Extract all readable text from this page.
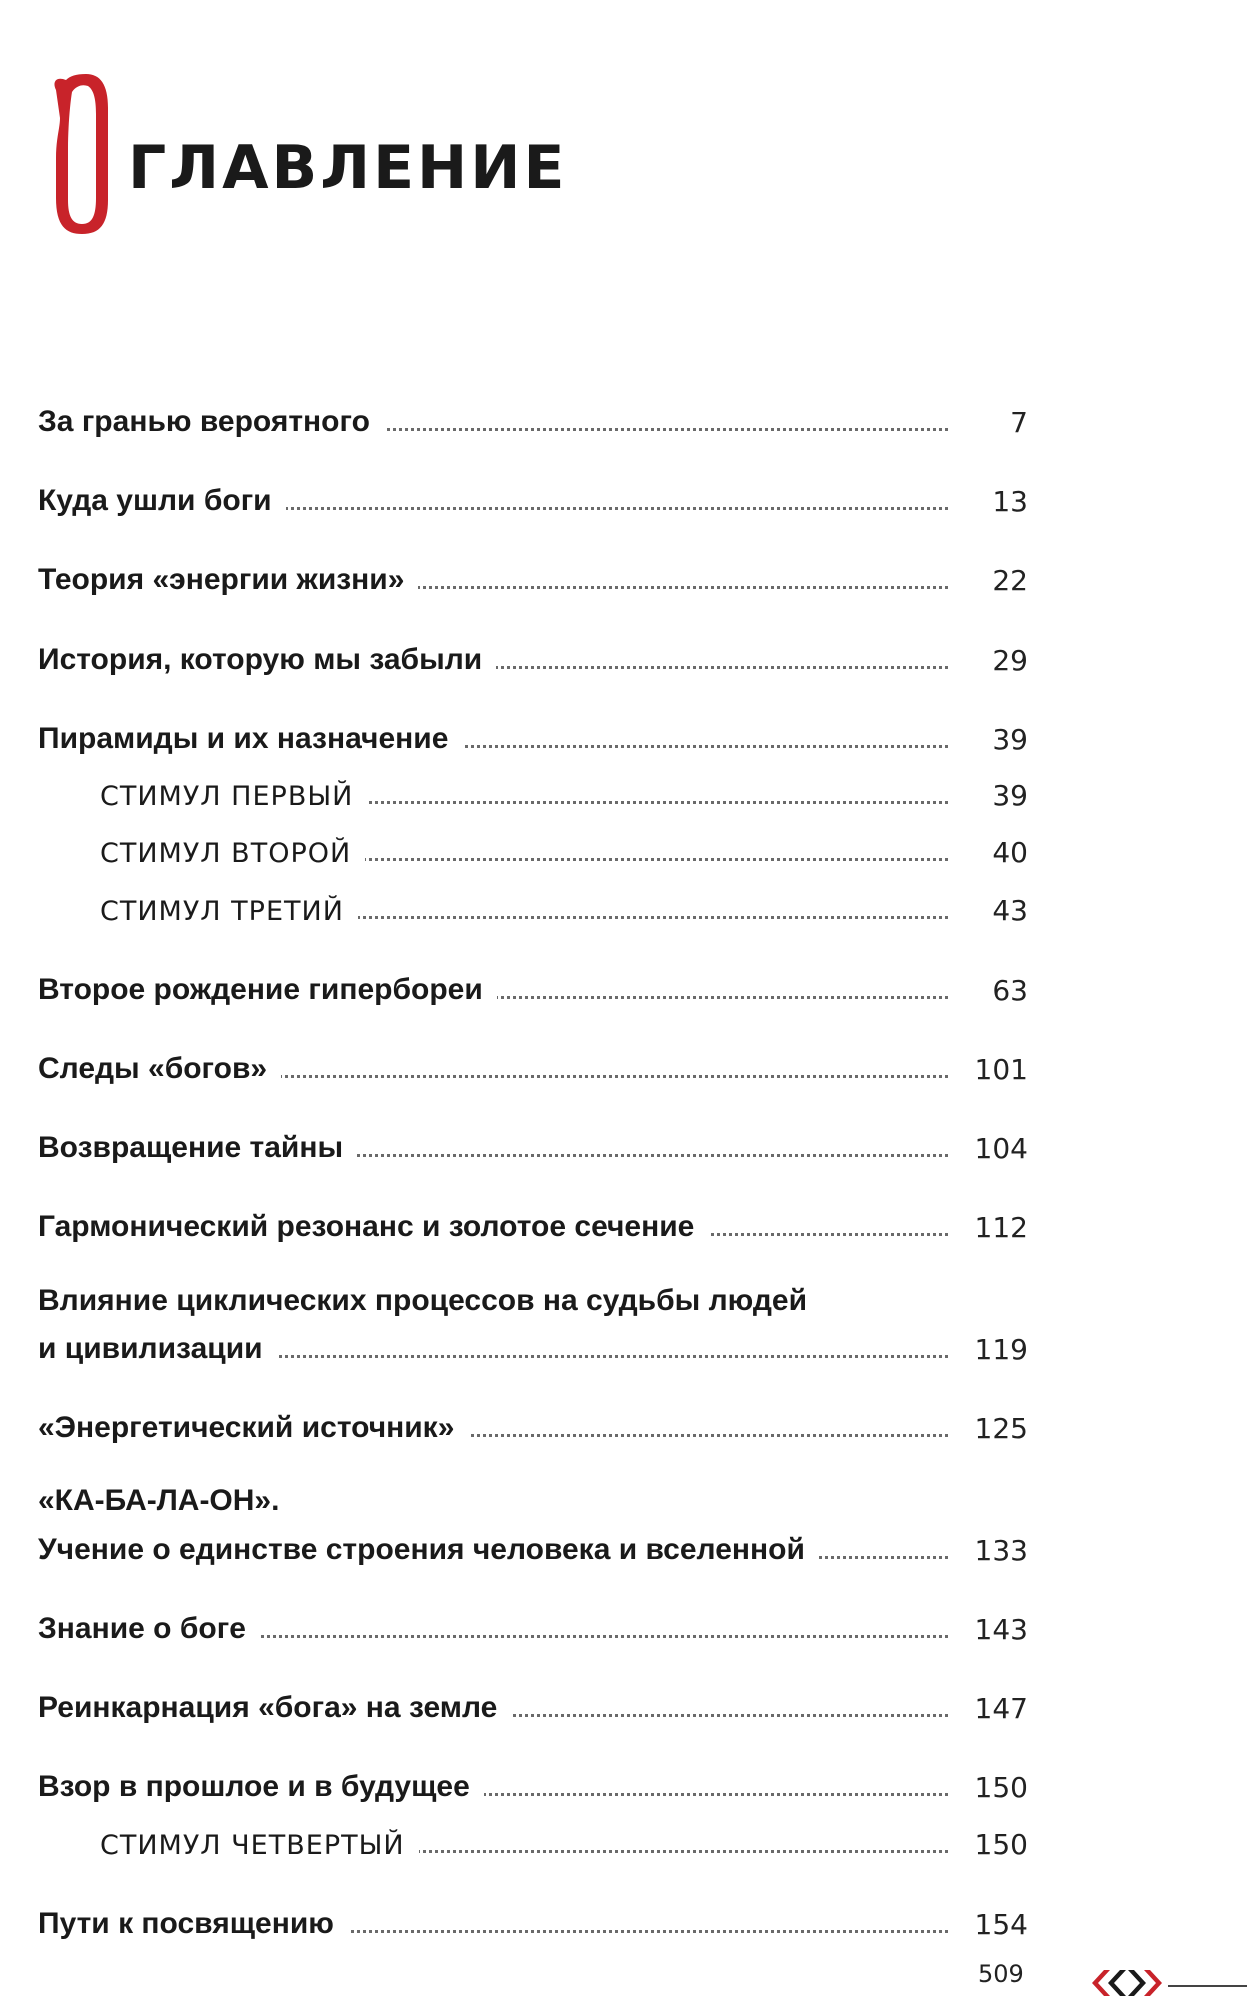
ГЛАВЛЕНИЕ
За гранью вероятного	7
Куда ушли боги	13
Теория «энергии жизни»	22
История, которую мы забыли	29
Пирамиды и их назначение	39
СТИМУЛ ПЕРВЫЙ	39
СТИМУЛ ВТОРОЙ	40
СТИМУЛ ТРЕТИЙ	43
Второе рождение гипербореи	63
Следы «богов»	101
Возвращение тайны	104
Гармонический резонанс и золотое сечение	112
Влияние циклических процессов на судьбы людей
и цивилизации	119
«Энергетический источник»	125
«КА-БА-ЛА-ОН».
Учение о единстве строения человека и вселенной	133
Знание о боге	143
Реинкарнация «бога» на земле	147
Взор в прошлое и в будущее	150
СТИМУЛ ЧЕТВЕРТЫЙ	150
Пути к посвящению	154
509
